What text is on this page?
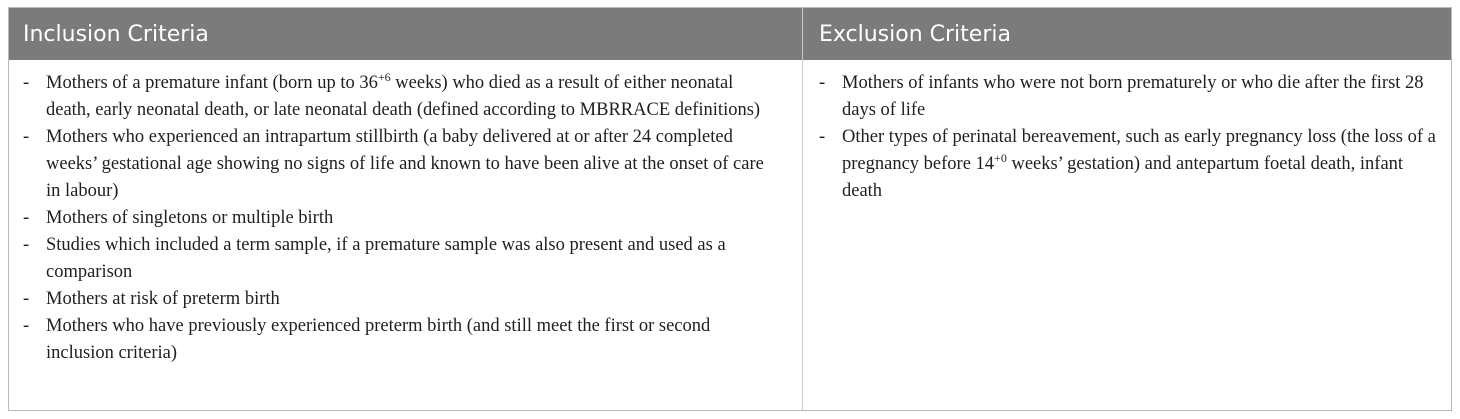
Inclusion Criteria	Exclusion Criteria
- Mothers of a premature infant (born up to $36^{+6}$ weeks) who died as a result of either neonatal death, early neonatal death, or late neonatal death (defined according to MBRRACE definitions)
- Mothers who experienced an intrapartum stillbirth (a baby delivered at or after 24 completed weeks’ gestational age showing no signs of life and known to have been alive at the onset of care in labour)
- Mothers of singletons or multiple birth
- Studies which included a term sample, if a premature sample was also present and used as a comparison
- Mothers at risk of preterm birth
- Mothers who have previously experienced preterm birth (and still meet the first or second inclusion criteria)
- Mothers of infants who were not born prematurely or who die after the first 28 days of life
- Other types of perinatal bereavement, such as early pregnancy loss (the loss of a pregnancy before $14^{+0}$ weeks’ gestation) and antepartum foetal death, infant death
